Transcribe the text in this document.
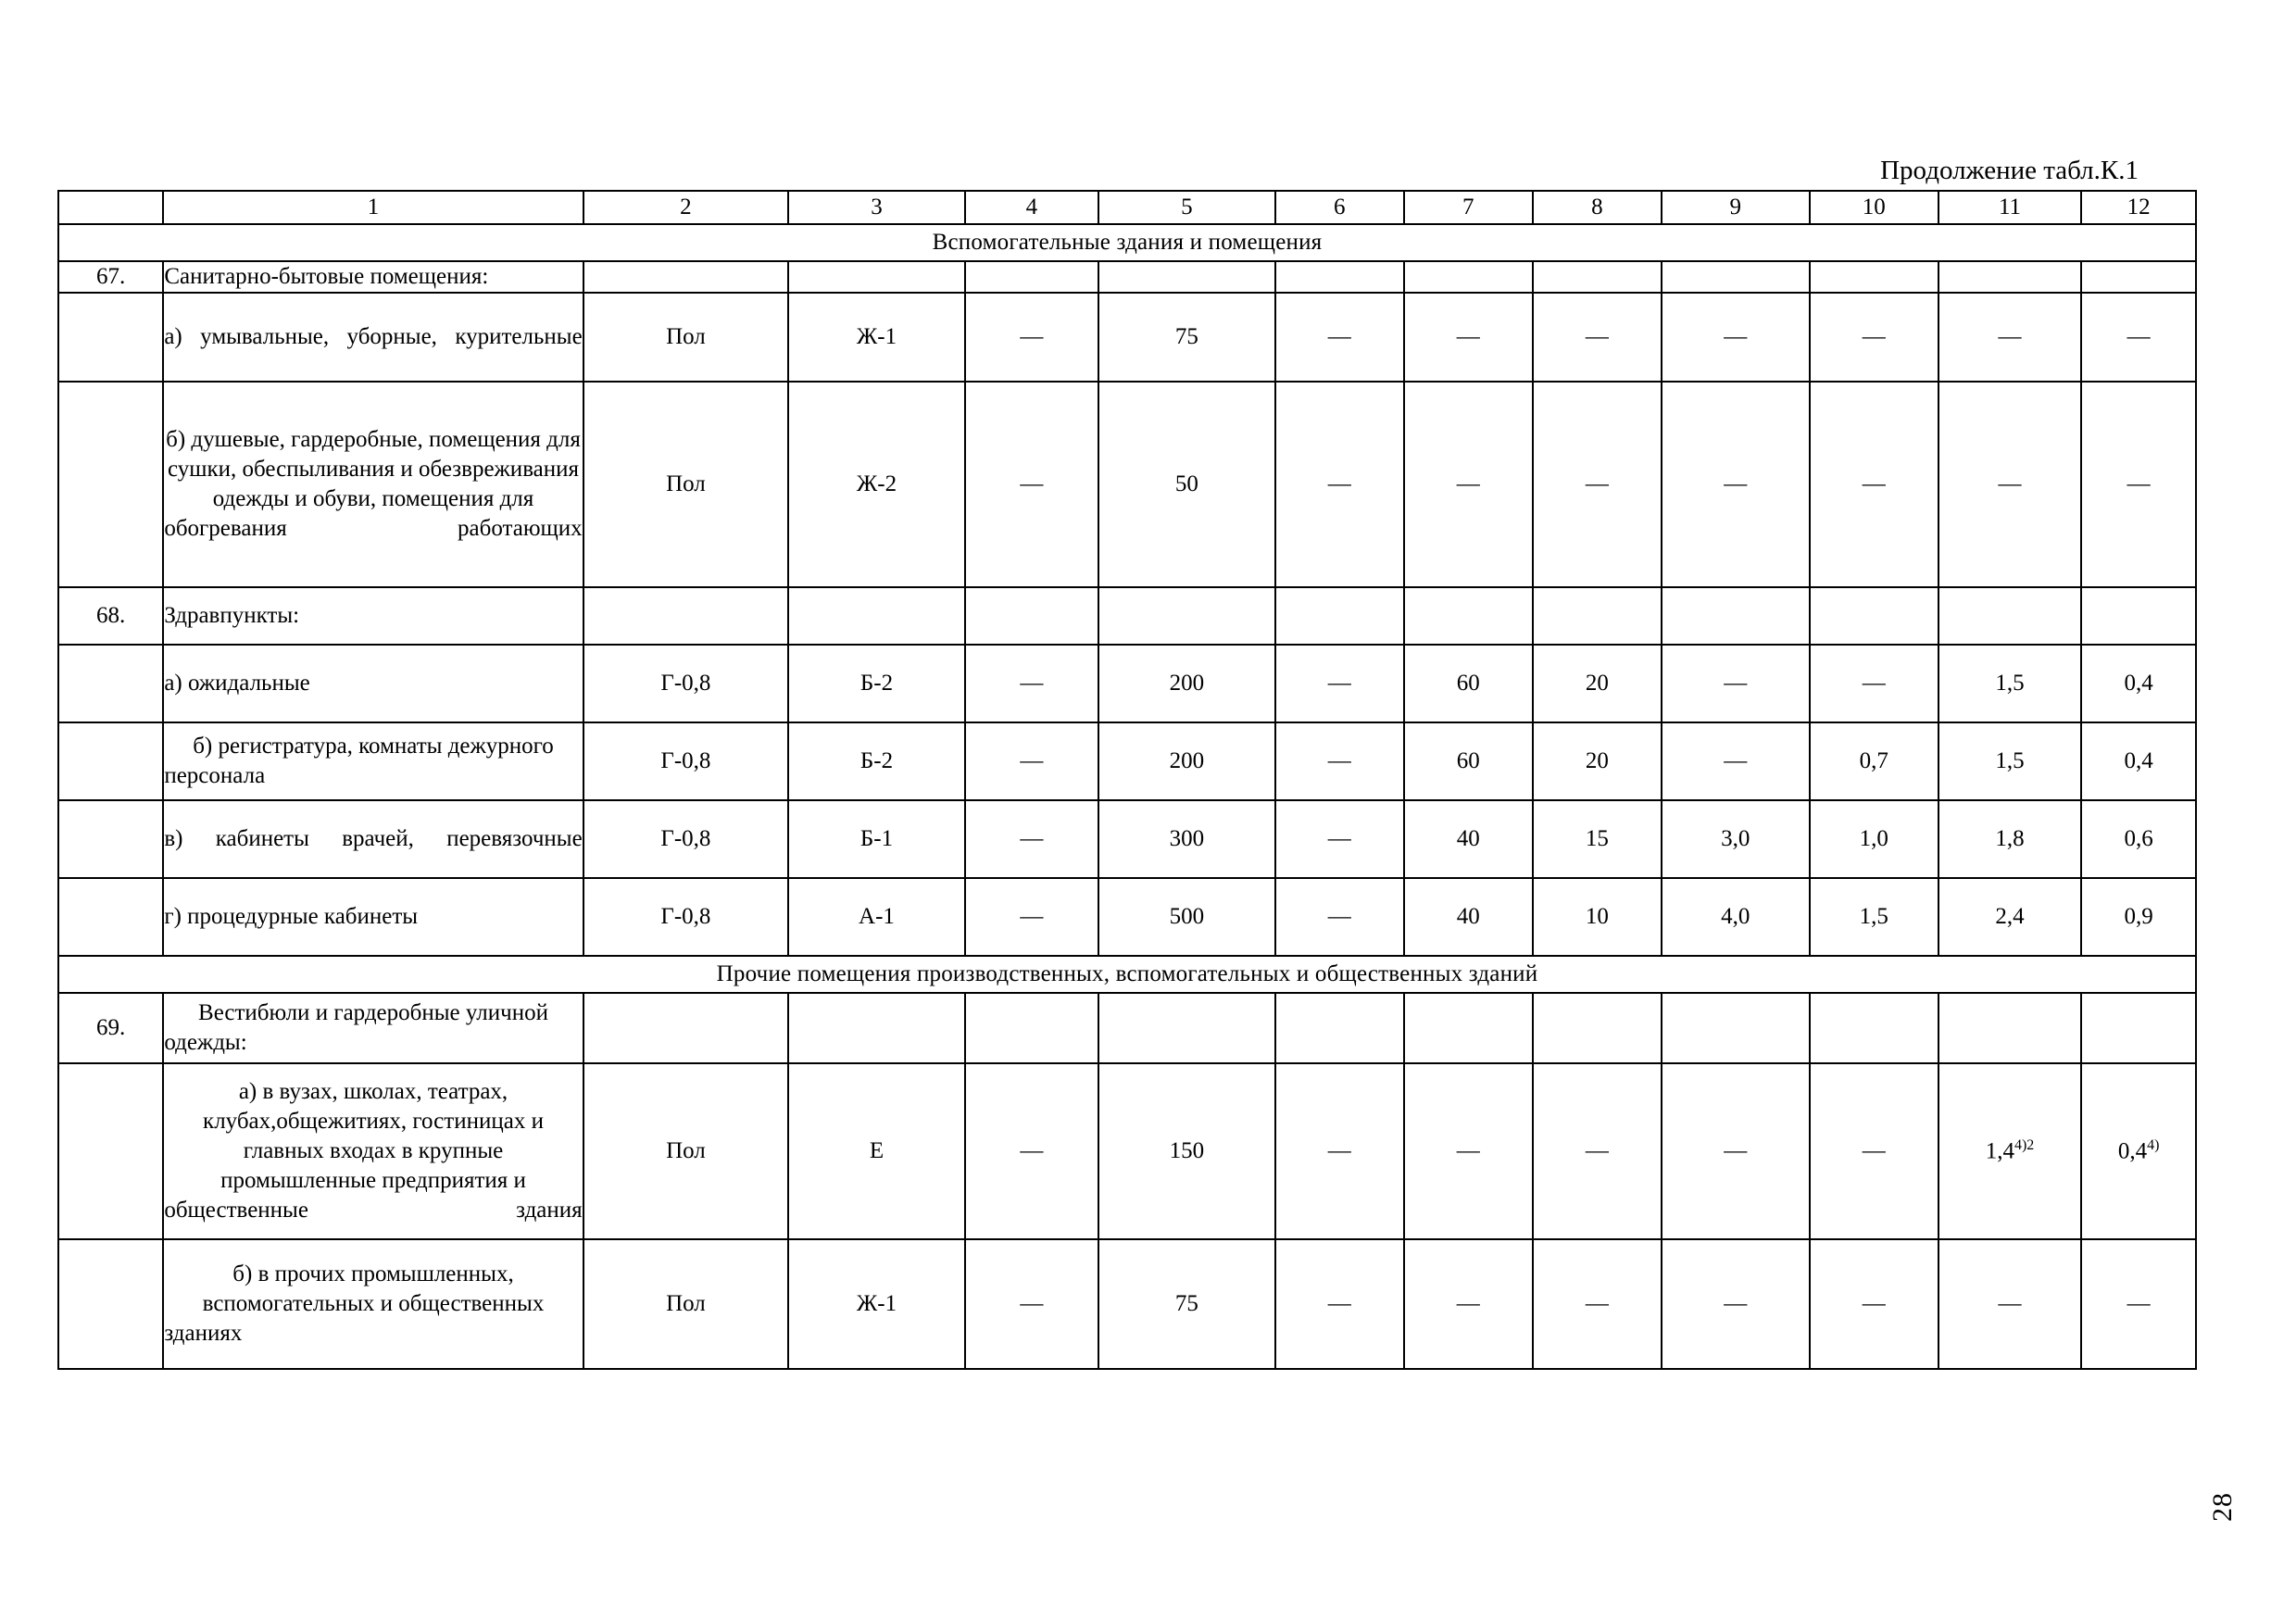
Продолжение табл.К.1
	1	2	3	4	5	6	7	8	9	10	11	12
Вспомогательные здания и помещения												
67.	Санитарно-бытовые помещения:											
	а) умывальные, уборные, курительные	Пол	Ж-1	—	75	—	—	—	—	—	—	—
	б) душевые, гардеробные, помещения для сушки, обеспыливания и обезвреживания одежды и обуви, помещения для обогревания работающих	Пол	Ж-2	—	50	—	—	—	—	—	—	—
68.	Здравпункты:											
	а) ожидальные	Г-0,8	Б-2	—	200	—	60	20	—	—	1,5	0,4
	б) регистратура, комнаты дежурного персонала	Г-0,8	Б-2	—	200	—	60	20	—	0,7	1,5	0,4
	в) кабинеты врачей, перевязочные	Г-0,8	Б-1	—	300	—	40	15	3,0	1,0	1,8	0,6
	г) процедурные кабинеты	Г-0,8	А-1	—	500	—	40	10	4,0	1,5	2,4	0,9
Прочие помещения производственных, вспомогательных и общественных зданий												
69.	Вестибюли и гардеробные уличной одежды:											
	а) в вузах, школах, театрах, клубах,общежитиях, гостиницах и главных входах в крупные промышленные предприятия и общественные здания	Пол	Е	—	150	—	—	—	—	—	$1,4^{4)2}$	0,4$^{4)}$
	б) в прочих промышленных, вспомогательных и общественных зданиях	Пол	Ж-1	—	75	—	—	—	—	—	—	—
28
